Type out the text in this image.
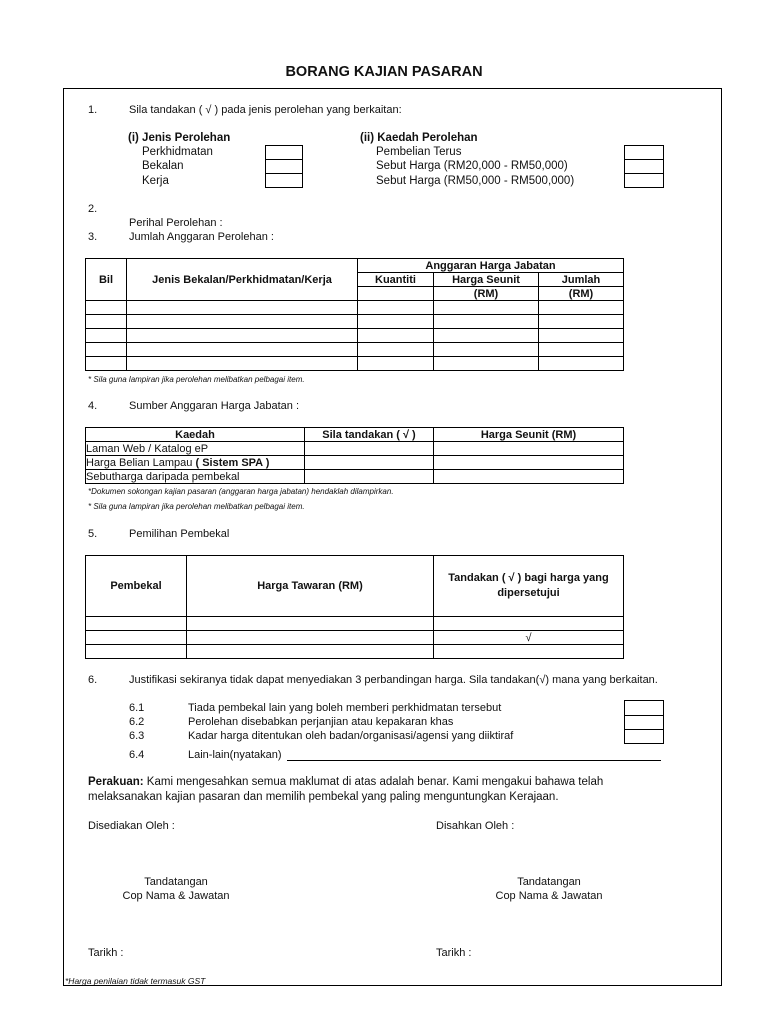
BORANG KAJIAN PASARAN
1.	Sila tandakan ( √ ) pada jenis perolehan yang berkaitan:
(i) Jenis Perolehan
Perkhidmatan
Bekalan
Kerja
(ii) Kaedah Perolehan
Pembelian Terus
Sebut Harga (RM20,000 - RM50,000)
Sebut Harga (RM50,000 - RM500,000)
2.
Perihal Perolehan :
3.	Jumlah Anggaran Perolehan :
Bil	Jenis Bekalan/Perkhidmatan/Kerja	Anggaran Harga Jabatan		
		Kuantiti	Harga Seunit	Jumlah
			(RM)	(RM)

* Sila guna lampiran jika perolehan melibatkan pelbagai item.
4.	Sumber Anggaran Harga Jabatan :
Kaedah	Sila tandakan ( √ )	Harga Seunit (RM)
Laman Web / Katalog eP		
Harga Belian Lampau ( Sistem SPA )		
Sebutharga daripada pembekal		
*Dokumen sokongan kajian pasaran (anggaran harga jabatan) hendaklah dilampirkan.
* Sila guna lampiran jika perolehan melibatkan pelbagai item.
5.	Pemilihan Pembekal
Pembekal	Harga Tawaran (RM)	Tandakan ( √ ) bagi harga yang
dipersetujui

		√

6.	Justifikasi sekiranya tidak dapat menyediakan 3 perbandingan harga. Sila tandakan(√) mana yang berkaitan.
6.1	Tiada pembekal lain yang boleh memberi perkhidmatan tersebut
6.2	Perolehan disebabkan perjanjian atau kepakaran khas
6.3	Kadar harga ditentukan oleh badan/organisasi/agensi yang diiktiraf
6.4	Lain-lain(nyatakan)
Perakuan: Kami mengesahkan semua maklumat di atas adalah benar. Kami mengakui bahawa telah
melaksanakan kajian pasaran dan memilih pembekal yang paling menguntungkan Kerajaan.
Disediakan Oleh :	Disahkan Oleh :
Tandatangan
Cop Nama & Jawatan
Tandatangan
Cop Nama & Jawatan
Tarikh :	Tarikh :
*Harga penilaian tidak termasuk GST
